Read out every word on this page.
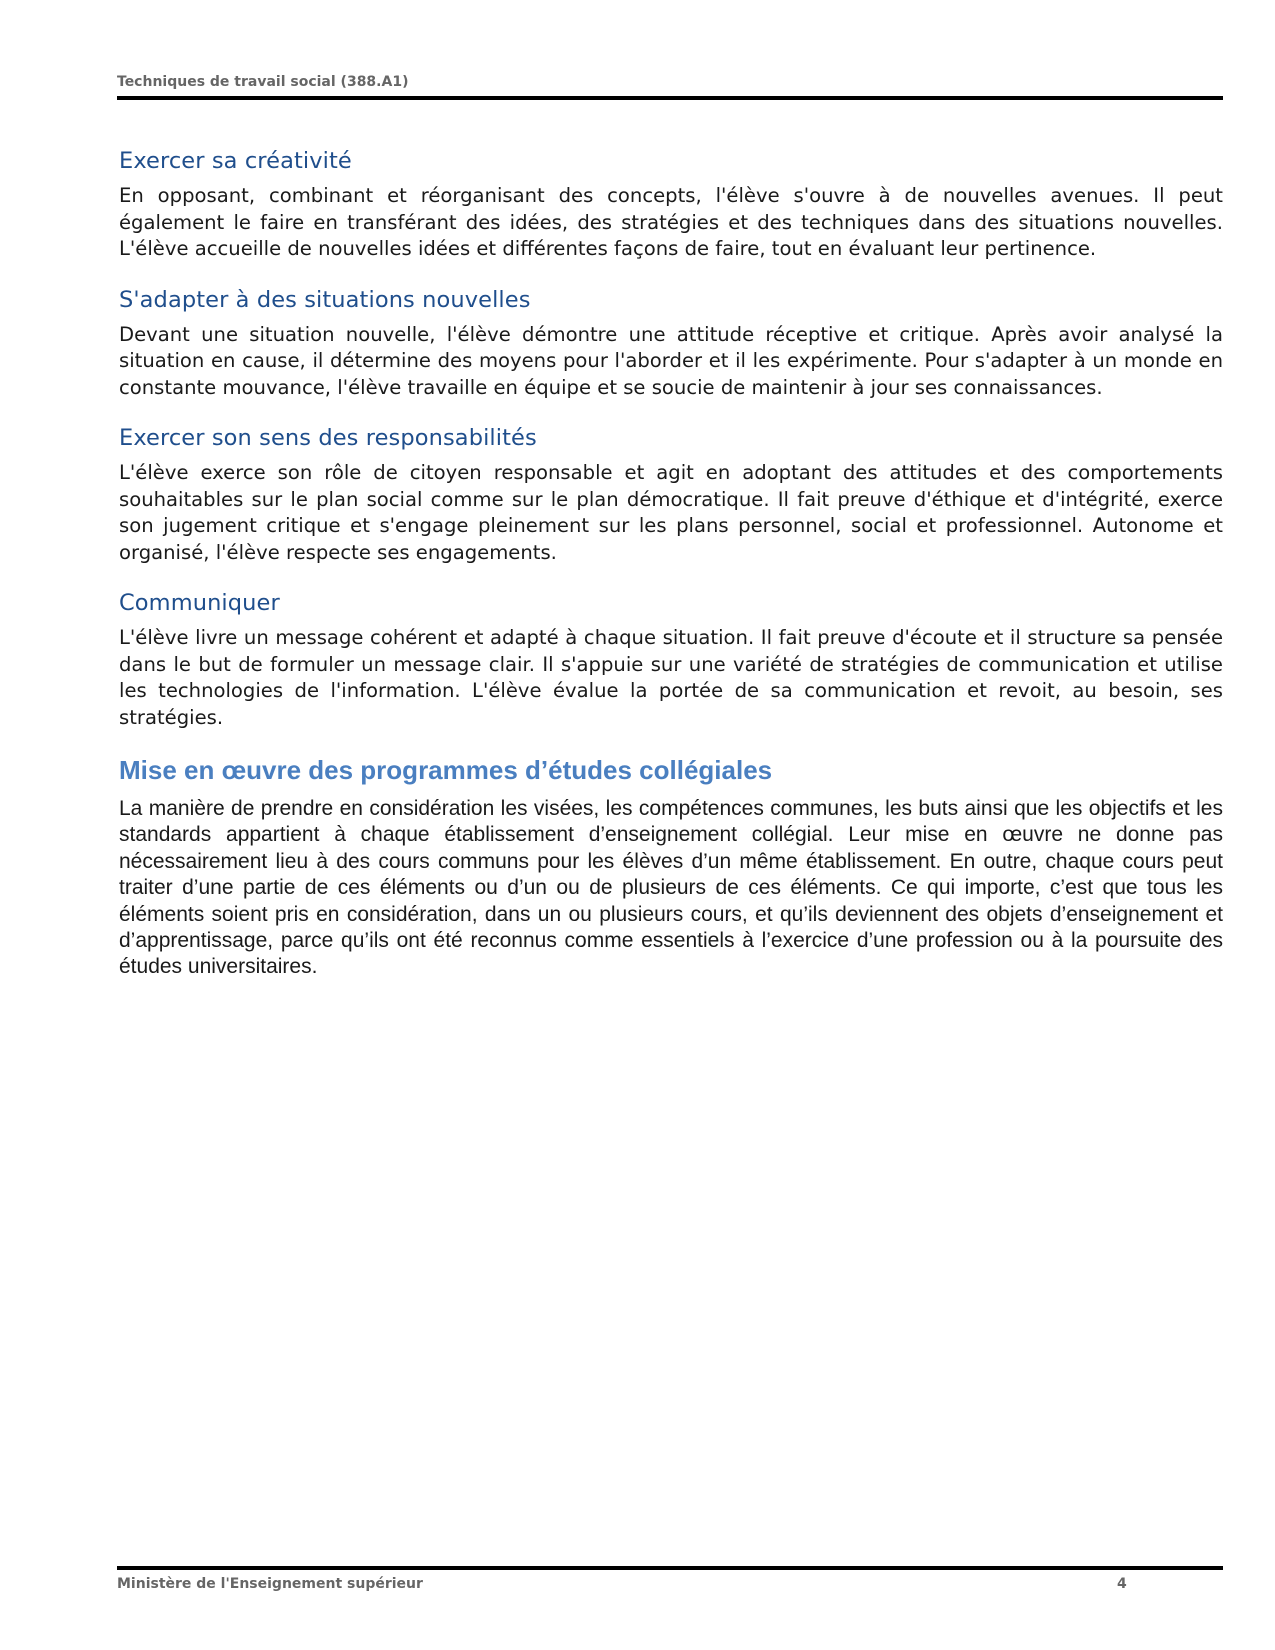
Techniques de travail social (388.A1)
Exercer sa créativité

En opposant, combinant et réorganisant des concepts, l'élève s'ouvre à de nouvelles avenues. Il peut également le faire en transférant des idées, des stratégies et des techniques dans des situations nouvelles. L'élève accueille de nouvelles idées et différentes façons de faire, tout en évaluant leur pertinence.

S'adapter à des situations nouvelles

Devant une situation nouvelle, l'élève démontre une attitude réceptive et critique. Après avoir analysé la situation en cause, il détermine des moyens pour l'aborder et il les expérimente. Pour s'adapter à un monde en constante mouvance, l'élève travaille en équipe et se soucie de maintenir à jour ses connaissances.

Exercer son sens des responsabilités

L'élève exerce son rôle de citoyen responsable et agit en adoptant des attitudes et des comportements souhaitables sur le plan social comme sur le plan démocratique. Il fait preuve d'éthique et d'intégrité, exerce son jugement critique et s'engage pleinement sur les plans personnel, social et professionnel. Autonome et organisé, l'élève respecte ses engagements.

Communiquer

L'élève livre un message cohérent et adapté à chaque situation. Il fait preuve d'écoute et il structure sa pensée dans le but de formuler un message clair. Il s'appuie sur une variété de stratégies de communication et utilise les technologies de l'information. L'élève évalue la portée de sa communication et revoit, au besoin, ses stratégies.

Mise en œuvre des programmes d’études collégiales

La manière de prendre en considération les visées, les compétences communes, les buts ainsi que les objectifs et les standards appartient à chaque établissement d’enseignement collégial. Leur mise en œuvre ne donne pas nécessairement lieu à des cours communs pour les élèves d’un même établissement. En outre, chaque cours peut traiter d’une partie de ces éléments ou d’un ou de plusieurs de ces éléments. Ce qui importe, c’est que tous les éléments soient pris en considération, dans un ou plusieurs cours, et qu’ils deviennent des objets d’enseignement et d’apprentissage, parce qu’ils ont été reconnus comme essentiels à l’exercice d’une profession ou à la poursuite des études universitaires.

Ministère de l'Enseignement supérieur	4
